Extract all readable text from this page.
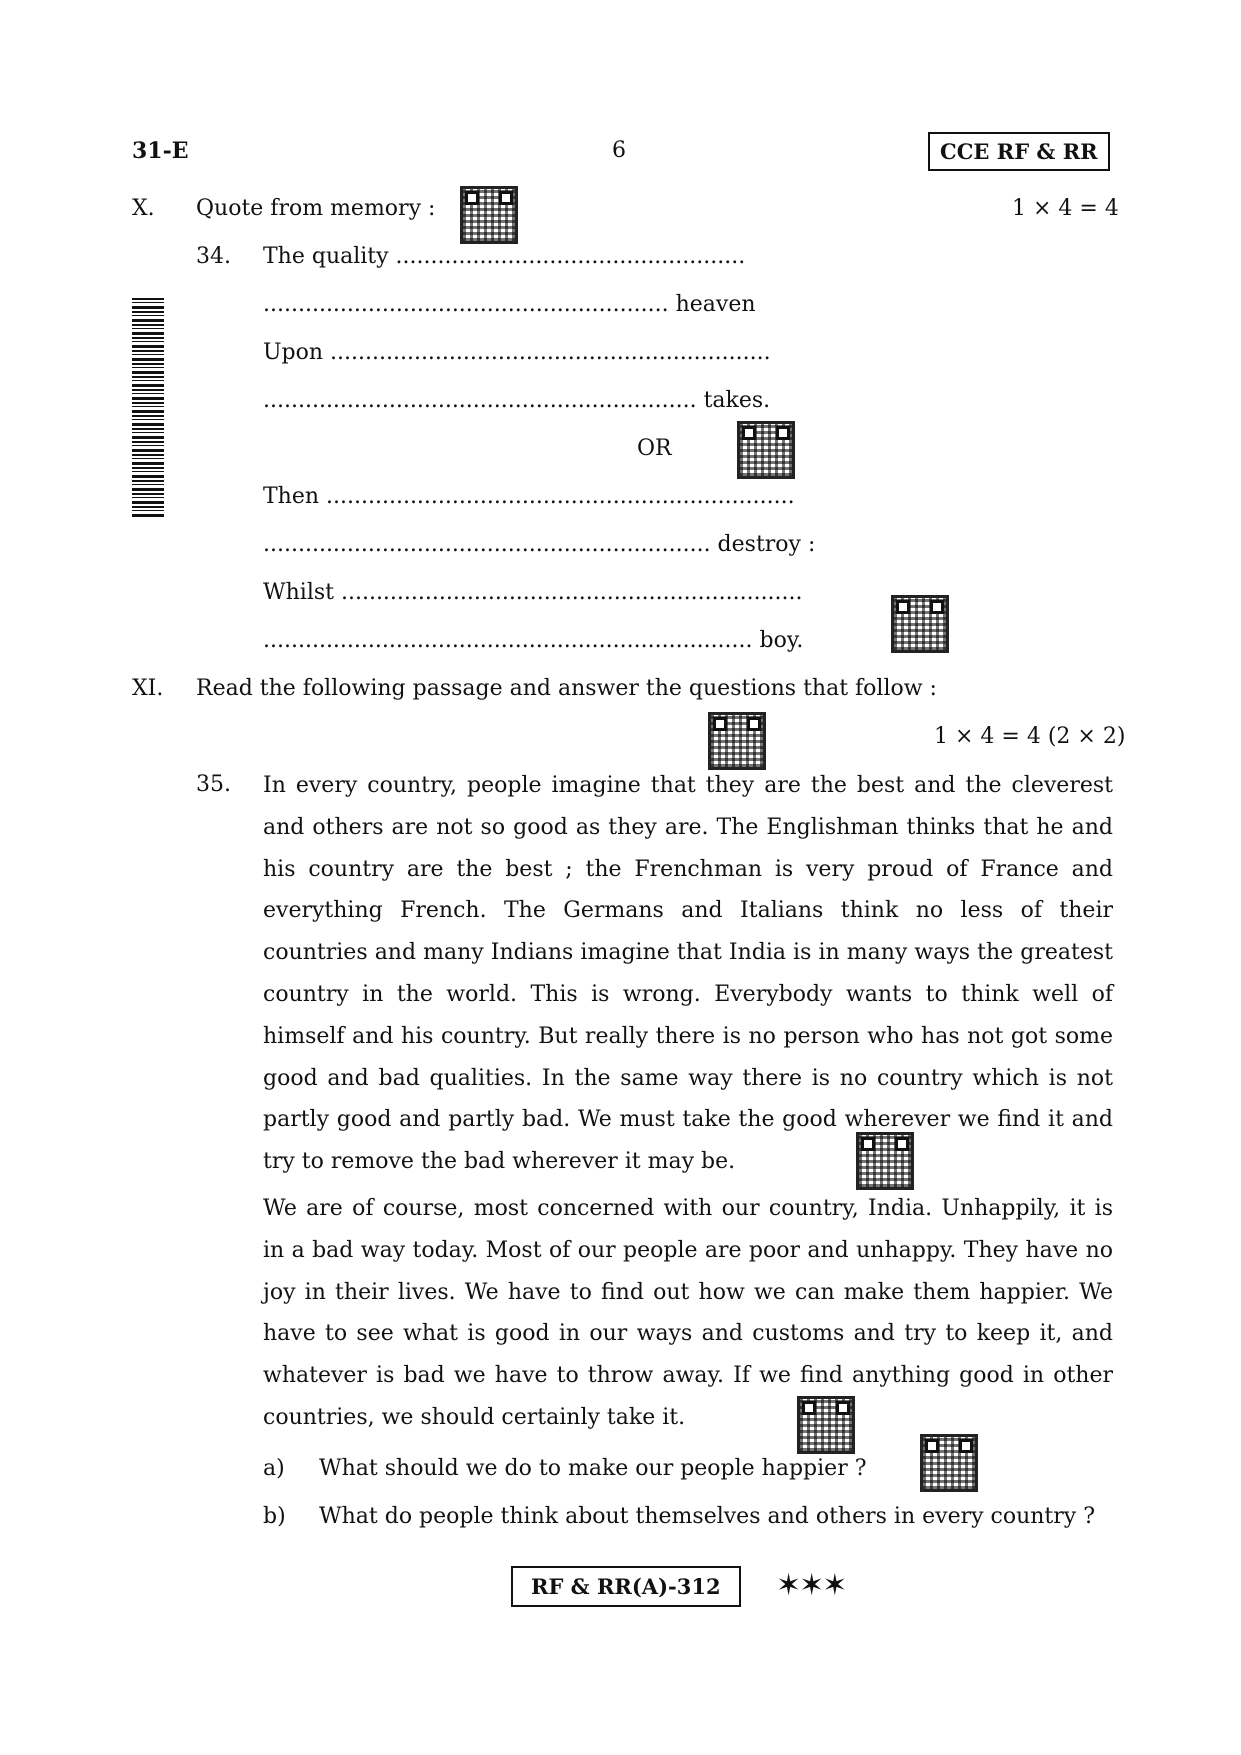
31-E	6	CCE RF & RR
X. Quote from memory :	1 × 4 = 4
34. The quality ..................................................
.......................................................... heaven
Upon ...............................................................
.............................................................. takes.
OR
Then ...................................................................
................................................................ destroy :
Whilst ..................................................................
...................................................................... boy.
XI. Read the following passage and answer the questions that follow :
1 × 4 = 4 (2 × 2)
35. In every country, people imagine that they are the best and the cleverest and others are not so good as they are. The Englishman thinks that he and his country are the best ; the Frenchman is very proud of France and everything French. The Germans and Italians think no less of their countries and many Indians imagine that India is in many ways the greatest country in the world. This is wrong. Everybody wants to think well of himself and his country. But really there is no person who has not got some good and bad qualities. In the same way there is no country which is not partly good and partly bad. We must take the good wherever we find it and try to remove the bad wherever it may be.

We are of course, most concerned with our country, India. Unhappily, it is in a bad way today. Most of our people are poor and unhappy. They have no joy in their lives. We have to find out how we can make them happier. We have to see what is good in our ways and customs and try to keep it, and whatever is bad we have to throw away. If we find anything good in other countries, we should certainly take it.

a) What should we do to make our people happier ?
b) What do people think about themselves and others in every country ?
RF & RR(A)-312	✶✶✶
